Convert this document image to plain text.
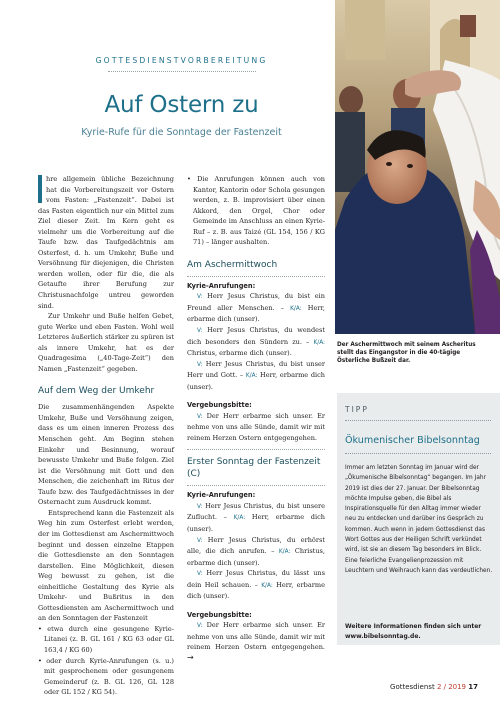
GOTTESDIENSTVORBEREITUNG
Auf Ostern zu
Kyrie-Rufe für die Sonntage der Fastenzeit

hre allgemein übliche Bezeichnung hat die Vorbereitungszeit vor Ostern vom Fasten: „Fastenzeit“. Dabei ist das Fasten eigentlich nur ein Mittel zum Ziel dieser Zeit. Im Kern geht es vielmehr um die Vorbereitung auf die Taufe bzw. das Taufgedächtnis am Osterfest, d. h. um Umkehr, Buße und Versöhnung für diejenigen, die Christen werden wollen, oder für die, die als Getaufte ihrer Berufung zur Christusnachfolge untreu geworden sind.

Zur Umkehr und Buße helfen Gebet, gute Werke und eben Fasten. Wohl weil Letzteres äußerlich stärker zu spüren ist als innere Umkehr, hat es der Quadragesima („40-Tage-Zeit“) den Namen „Fastenzeit“ gegeben.

Auf dem Weg der Umkehr

Die zusammenhängenden Aspekte Umkehr, Buße und Versöhnung zeigen, dass es um einen inneren Prozess des Menschen geht. Am Beginn stehen Einkehr und Besinnung, worauf bewusste Umkehr und Buße folgen. Ziel ist die Versöhnung mit Gott und den Menschen, die zeichenhaft im Ritus der Taufe bzw. des Taufgedächtnisses in der Osternacht zum Ausdruck kommt.

Entsprechend kann die Fastenzeit als Weg hin zum Osterfest erlebt werden, der im Gottesdienst am Aschermittwoch beginnt und dessen einzelne Etappen die Gottesdienste an den Sonntagen darstellen. Eine Möglichkeit, diesen Weg bewusst zu gehen, ist die einheitliche Gestaltung des Kyrie als Umkehr- und Bußritus in den Gottesdiensten am Aschermittwoch und an den Sonntagen der Fastenzeit

• etwa durch eine gesungene Kyrie-Litanei (z. B. GL 161 / KG 63 oder GL 163,4 / KG 60)

• oder durch Kyrie-Anrufungen (s. u.) mit gesprochenem oder gesungenem Gemeinderuf (z. B. GL 126, GL 128 oder GL 152 / KG 54).

• Die Anrufungen können auch von Kantor, Kantorin oder Schola gesungen werden, z. B. improvisiert über einen Akkord, den Orgel, Chor oder Gemeinde im Anschluss an einen Kyrie-Ruf – z. B. aus Taizé (GL 154, 156 / KG 71) – länger aushalten.

Am Aschermittwoch
Kyrie-Anrufungen:

V: Herr Jesus Christus, du bist ein Freund aller Menschen. – K/A: Herr, erbarme dich (unser).

V: Herr Jesus Christus, du wendest dich besonders den Sündern zu. – K/A: Christus, erbarme dich (unser).

V: Herr Jesus Christus, du bist unser Herr und Gott. – K/A: Herr, erbarme dich (unser).

Vergebungsbitte:

V: Der Herr erbarme sich unser. Er nehme von uns alle Sünde, damit wir mit reinem Herzen Ostern entgegengehen.

Erster Sonntag der Fastenzeit (C)
Kyrie-Anrufungen:

V: Herr Jesus Christus, du bist unsere Zuflucht. – K/A: Herr, erbarme dich (unser).

V: Herr Jesus Christus, du erhörst alle, die dich anrufen. – K/A: Christus, erbarme dich (unser).

V: Herr Jesus Christus, du lässt uns dein Heil schauen. – K/A: Herr, erbarme dich (unser).

Vergebungsbitte:

V: Der Herr erbarme sich unser. Er nehme von uns alle Sünde, damit wir mit reinem Herzen Ostern entgegengehen. →

Der Aschermittwoch mit seinem Ascheritus stellt das Eingangstor in die 40-tägige Österliche Bußzeit dar.
TIPP
Ökumenischer Bibelsonntag
Immer am letzten Sonntag im Januar wird der „Ökumenische Bibelsonntag“ begangen. Im Jahr 2019 ist dies der 27. Januar. Der Bibelsonntag möchte Impulse geben, die Bibel als Inspirationsquelle für den Alltag immer wieder neu zu entdecken und darüber ins Gespräch zu kommen. Auch wenn in jedem Gottesdienst das Wort Gottes aus der Heiligen Schrift verkündet wird, ist sie an diesem Tag besonders im Blick. Eine feierliche Evangelienprozession mit Leuchtern und Weihrauch kann das verdeutlichen.
Weitere Informationen finden sich unter www.bibelsonntag.de.
Gottesdienst 2 / 2019 17
